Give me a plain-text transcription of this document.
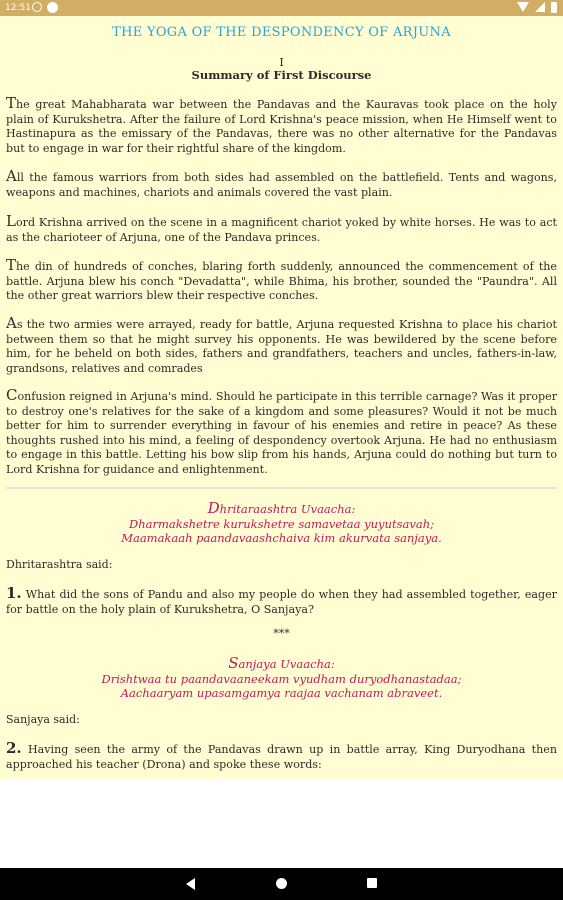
12:51
THE YOGA OF THE DESPONDENCY OF ARJUNA
I
Summary of First Discourse
The great Mahabharata war between the Pandavas and the Kauravas took place on the holy plain of Kurukshetra. After the failure of Lord Krishna's peace mission, when He Himself went to Hastinapura as the emissary of the Pandavas, there was no other alternative for the Pandavas but to engage in war for their rightful share of the kingdom.
All the famous warriors from both sides had assembled on the battlefield. Tents and wagons, weapons and machines, chariots and animals covered the vast plain.
Lord Krishna arrived on the scene in a magnificent chariot yoked by white horses. He was to act as the charioteer of Arjuna, one of the Pandava princes.
The din of hundreds of conches, blaring forth suddenly, announced the commencement of the battle. Arjuna blew his conch "Devadatta", while Bhima, his brother, sounded the "Paundra". All the other great warriors blew their respective conches.
As the two armies were arrayed, ready for battle, Arjuna requested Krishna to place his chariot between them so that he might survey his opponents. He was bewildered by the scene before him, for he beheld on both sides, fathers and grandfathers, teachers and uncles, fathers-in-law, grandsons, relatives and comrades
Confusion reigned in Arjuna's mind. Should he participate in this terrible carnage? Was it proper to destroy one's relatives for the sake of a kingdom and some pleasures? Would it not be much better for him to surrender everything in favour of his enemies and retire in peace? As these thoughts rushed into his mind, a feeling of despondency overtook Arjuna. He had no enthusiasm to engage in this battle. Letting his bow slip from his hands, Arjuna could do nothing but turn to Lord Krishna for guidance and enlightenment.
Dhritaraashtra Uvaacha:
Dharmakshetre kurukshetre samavetaa yuyutsavah;
Maamakaah paandavaashchaiva kim akurvata sanjaya.
Dhritarashtra said:
1. What did the sons of Pandu and also my people do when they had assembled together, eager for battle on the holy plain of Kurukshetra, O Sanjaya?
***
Sanjaya Uvaacha:
Drishtwaa tu paandavaaneekam vyudham duryodhanastadaa;
Aachaaryam upasamgamya raajaa vachanam abraveet.
Sanjaya said:
2. Having seen the army of the Pandavas drawn up in battle array, King Duryodhana then approached his teacher (Drona) and spoke these words:
